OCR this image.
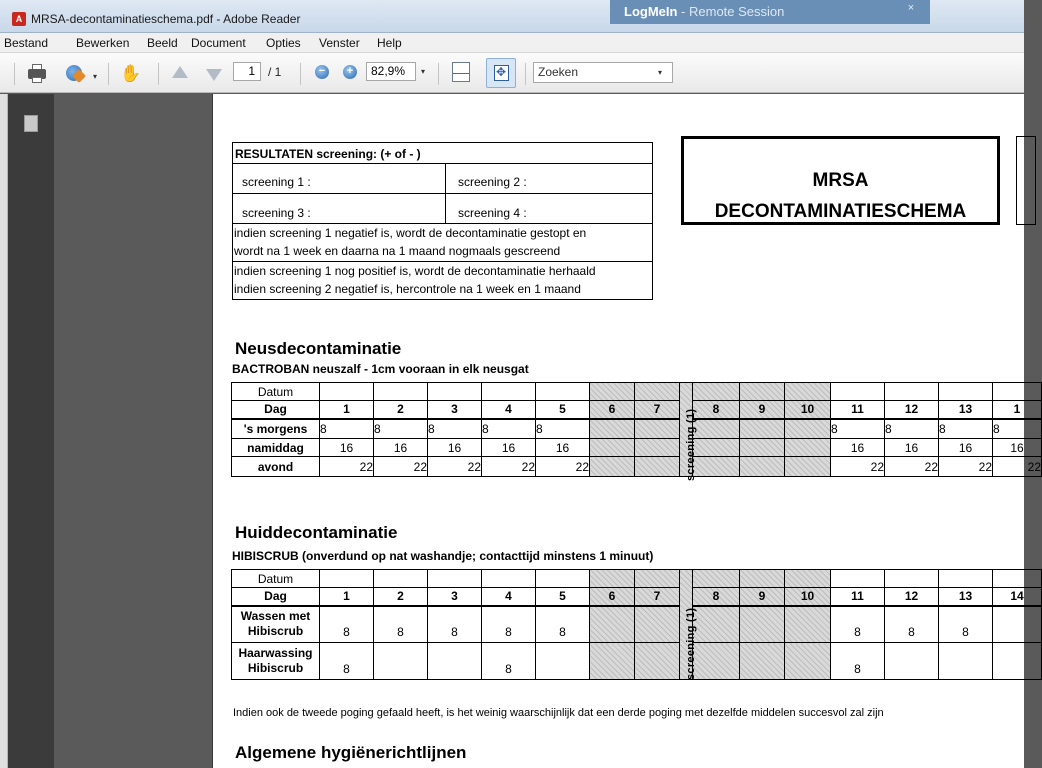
A MRSA-decontaminatieschema.pdf - Adobe Reader	LogMeIn - Remote Session	×
Bestand Bewerken Beeld Document Opties Venster Help
▾ ✋	1	/ 1	−	+	82,9%	▾ ✥	Zoeken	▾
RESULTATEN screening: (+ of - )
screening 1 :	screening 2 :
screening 3 :	screening 4 :
indien screening 1 negatief is, wordt de decontaminatie gestopt en
wordt na 1 week en daarna na 1 maand nogmaals gescreend
indien screening 1 nog positief is, wordt de decontaminatie herhaald
indien screening 2 negatief is, hercontrole na 1 week en 1 maand
MRSA
DECONTAMINATIESCHEMA
Neusdecontaminatie
BACTROBAN neuszalf - 1cm vooraan in elk neusgat
Datum															
Dag	1	2	3	4	5	6	7		8	9	10	11	12	13	1
's morgens	8	8	8	8	8							8	8	8	8
namiddag	16	16	16	16	16							16	16	16	16
avond	22	22	22	22	22							22	22	22	22
screening (1)
Huiddecontaminatie
HIBISCRUB (onverdund op nat washandje; contacttijd minstens 1 minuut)
Datum															
Dag	1	2	3	4	5	6	7		8	9	10	11	12	13	14

Wassen met
Hibiscrub	8	8	8	8	8							8	8	8	

Haarwassing
Hibiscrub	8			8								8			
screening (1)
Indien ook de tweede poging gefaald heeft, is het weinig waarschijnlijk dat een derde poging met dezelfde middelen succesvol zal zijn
Algemene hygiënerichtlijnen
